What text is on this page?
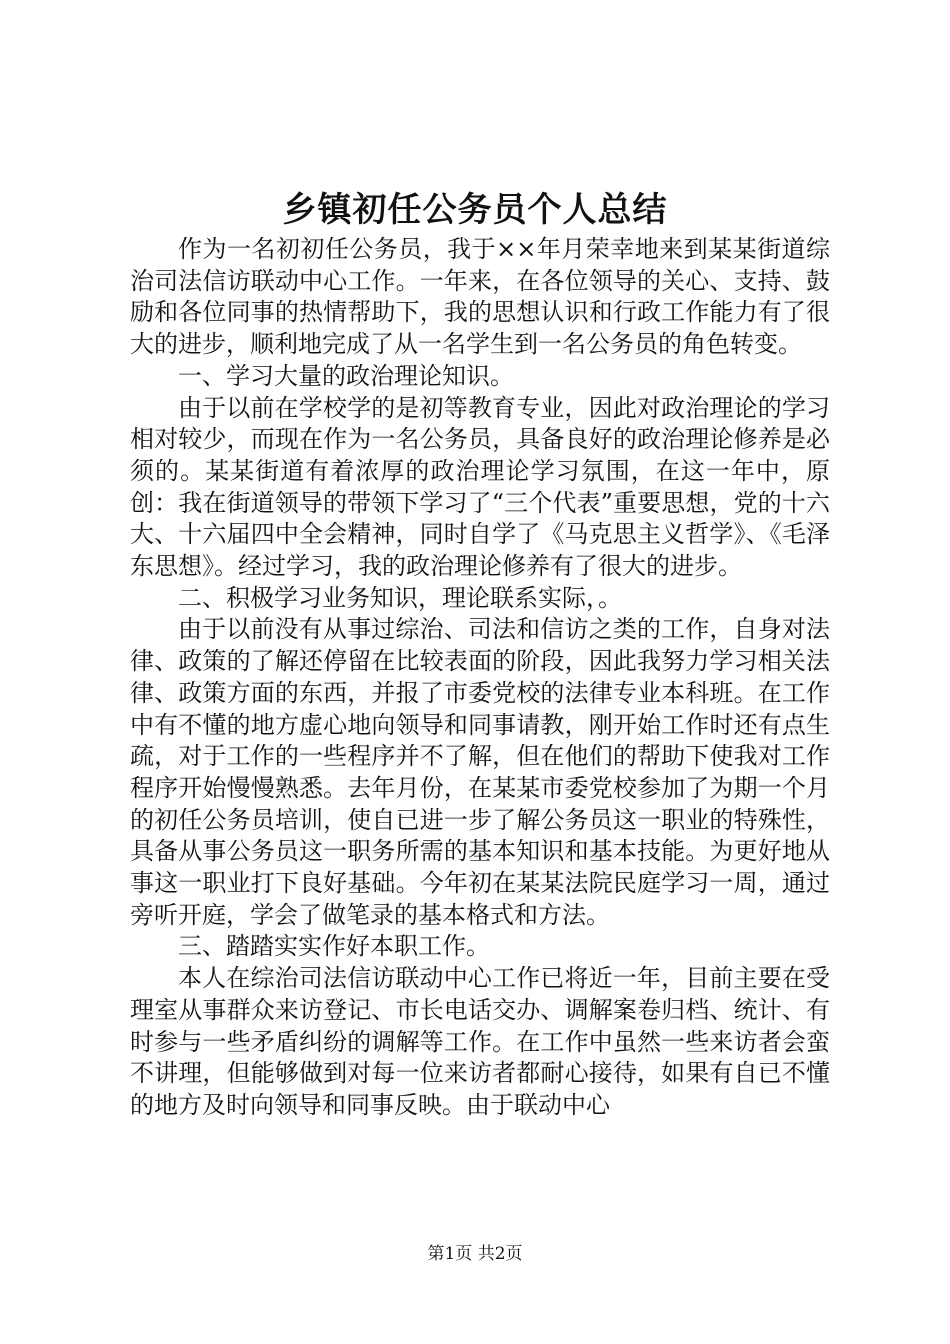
乡镇初任公务员个人总结

作为一名初初任公务员，我于××年月荣幸地来到某某街道综治司法信访联动中心工作。一年来，在各位领导的关心、支持、鼓励和各位同事的热情帮助下，我的思想认识和行政工作能力有了很大的进步，顺利地完成了从一名学生到一名公务员的角色转变。

一、学习大量的政治理论知识。

由于以前在学校学的是初等教育专业，因此对政治理论的学习相对较少，而现在作为一名公务员，具备良好的政治理论修养是必须的。某某街道有着浓厚的政治理论学习氛围，在这一年中，原创：我在街道领导的带领下学习了“三个代表”重要思想，党的十六大、十六届四中全会精神，同时自学了《马克思主义哲学》、《毛泽东思想》。经过学习，我的政治理论修养有了很大的进步。

二、积极学习业务知识，理论联系实际，。

由于以前没有从事过综治、司法和信访之类的工作，自身对法律、政策的了解还停留在比较表面的阶段，因此我努力学习相关法律、政策方面的东西，并报了市委党校的法律专业本科班。在工作中有不懂的地方虚心地向领导和同事请教，刚开始工作时还有点生疏，对于工作的一些程序并不了解，但在他们的帮助下使我对工作程序开始慢慢熟悉。去年月份，在某某市委党校参加了为期一个月的初任公务员培训，使自已进一步了解公务员这一职业的特殊性，具备从事公务员这一职务所需的基本知识和基本技能。为更好地从事这一职业打下良好基础。今年初在某某法院民庭学习一周，通过旁听开庭，学会了做笔录的基本格式和方法。

三、踏踏实实作好本职工作。

本人在综治司法信访联动中心工作已将近一年，目前主要在受理室从事群众来访登记、市长电话交办、调解案卷归档、统计、有时参与一些矛盾纠纷的调解等工作。在工作中虽然一些来访者会蛮不讲理，但能够做到对每一位来访者都耐心接待，如果有自已不懂的地方及时向领导和同事反映。由于联动中心

第1页 共2页
